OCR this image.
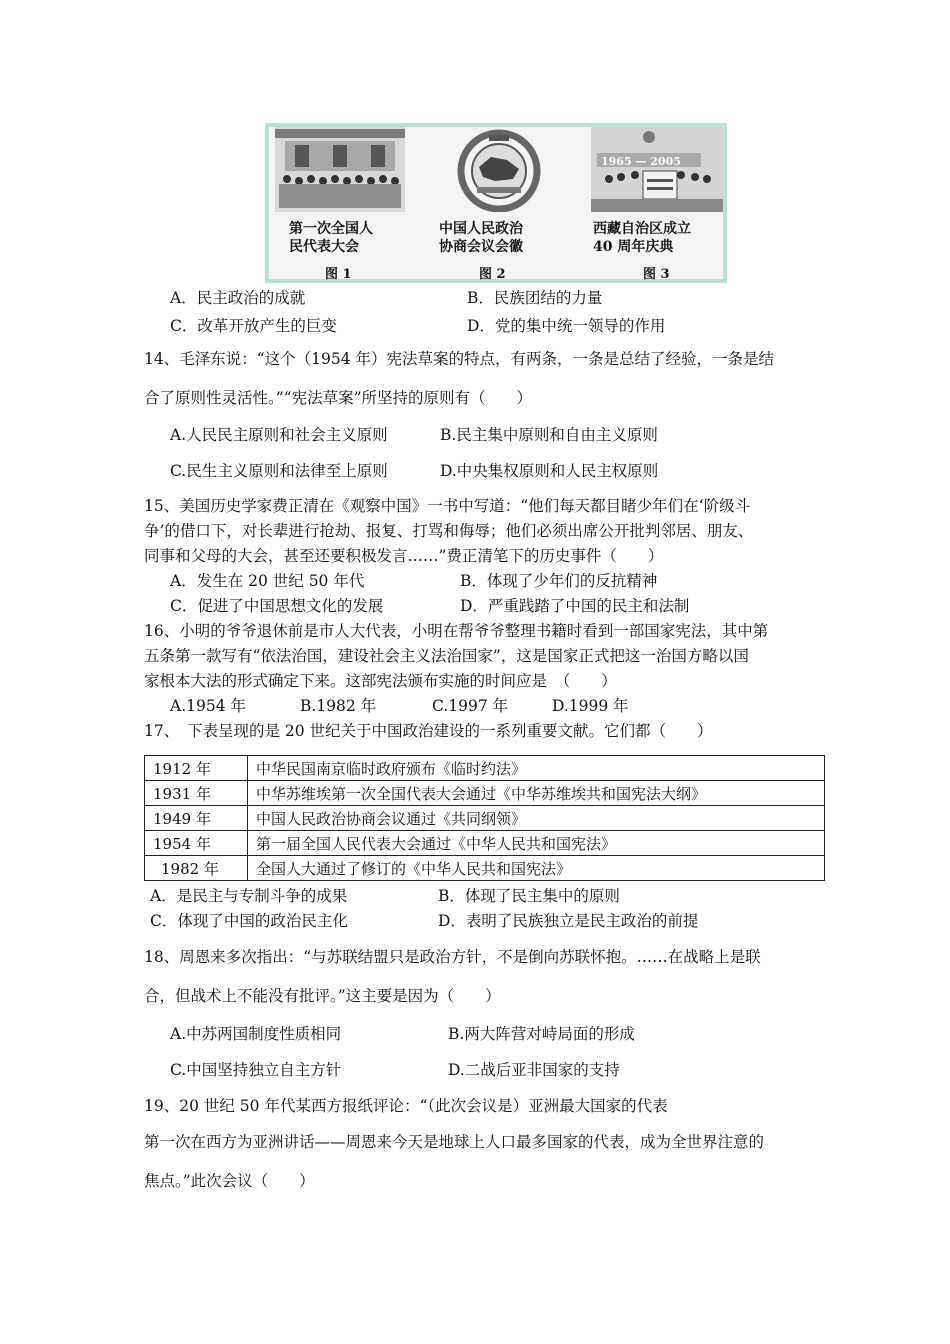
第一次全国人
民代表大会
图 1
中国人民政治
协商会议会徽
图 2
1965 — 2005
西藏自治区成立
40 周年庆典
图 3
A．民主政治的成就	B．民族团结的力量
C．改革开放产生的巨变	D．党的集中统一领导的作用
14、毛泽东说：“这个（1954 年）宪法草案的特点，有两条，一条是总结了经验，一条是结
合了原则性灵活性。”“宪法草案”所坚持的原则有（　　）
A.人民民主原则和社会主义原则	B.民主集中原则和自由主义原则
C.民生主义原则和法律至上原则	D.中央集权原则和人民主权原则
15、美国历史学家费正清在《观察中国》一书中写道：“他们每天都目睹少年们在‘阶级斗
争’的借口下，对长辈进行抢劫、报复、打骂和侮辱；他们必须出席公开批判邻居、朋友、
同事和父母的大会，甚至还要积极发言……”费正清笔下的历史事件（　　）
A．发生在 20 世纪 50 年代	B．体现了少年们的反抗精神
C．促进了中国思想文化的发展	D．严重践踏了中国的民主和法制
16、小明的爷爷退休前是市人大代表，小明在帮爷爷整理书籍时看到一部国家宪法，其中第
五条第一款写有“依法治国，建设社会主义法治国家”，这是国家正式把这一治国方略以国
家根本大法的形式确定下来。这部宪法颁布实施的时间应是　（　　）
A.1954 年	B.1982 年	C.1997 年	D.1999 年
17、　下表呈现的是 20 世纪关于中国政治建设的一系列重要文献。它们都（　　）
1912 年	中华民国南京临时政府颁布《临时约法》
1931 年	中华苏维埃第一次全国代表大会通过《中华苏维埃共和国宪法大纲》
1949 年	中国人民政治协商会议通过《共同纲领》
1954 年	第一届全国人民代表大会通过《中华人民共和国宪法》
1982 年	全国人大通过了修订的《中华人民共和国宪法》
A．是民主与专制斗争的成果	B．体现了民主集中的原则
C．体现了中国的政治民主化	D．表明了民族独立是民主政治的前提
18、周恩来多次指出：“与苏联结盟只是政治方针，不是倒向苏联怀抱。……在战略上是联
合，但战术上不能没有批评。”这主要是因为（　　）
A.中苏两国制度性质相同	B.两大阵营对峙局面的形成
C.中国坚持独立自主方针	D.二战后亚非国家的支持
19、20 世纪 50 年代某西方报纸评论：“（此次会议是）亚洲最大国家的代表
第一次在西方为亚洲讲话——周恩来今天是地球上人口最多国家的代表，成为全世界注意的
焦点。”此次会议（　　）
